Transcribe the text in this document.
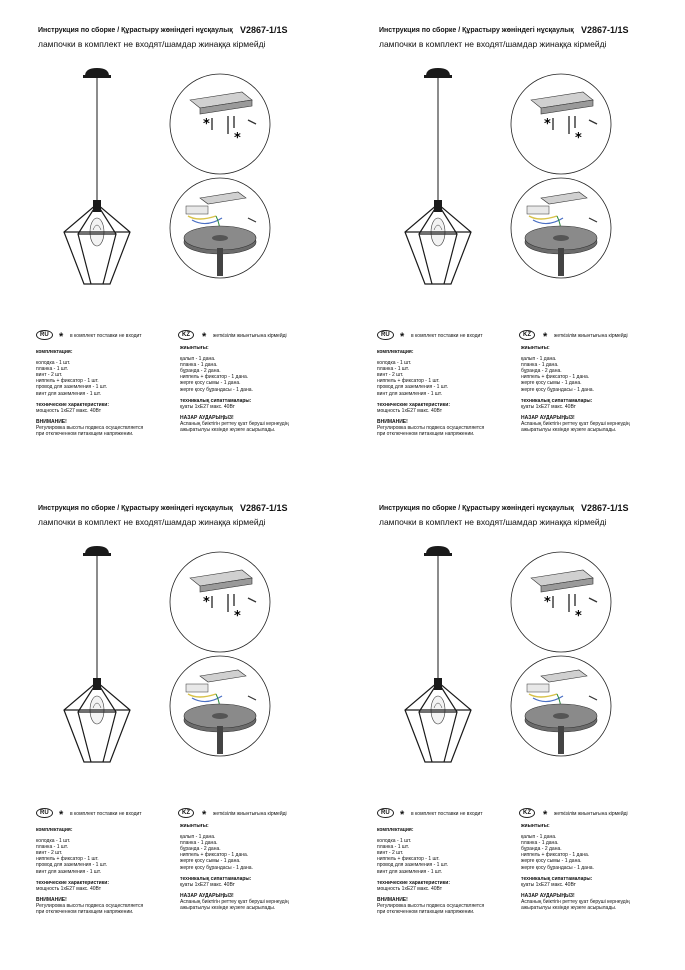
Инструкция по сборке / Құрастыру жөніндегі нұсқаулық V2867-1/1S
лампочки в комплект не входят/шамдар жинаққа кірмейді
*
*
RU * в комплект поставки не входит
комплектация:
колодка - 1 шт.
планка - 1 шт.
винт - 2 шт.
ниппель + фиксатор - 1 шт.
провод для заземления - 1 шт.
винт для заземления - 1 шт.
технические характеристики:
мощность 1хЕ27 макс. 40Вт
ВНИМАНИЕ!
Регулировка высоты подвеса осуществляется
при отключенном питающем напряжении.
KZ	* жеткізілім жиынтығына кірмейді
жиынтығы:
қалып - 1 дана.
планка - 1 дана.
бұранда - 2 дана.
ниппель + фиксатор - 1 дана.
жерге қосу сымы - 1 дана.
жерге қосу бұрандасы - 1 дана.
техникалық сипаттамалары:
қуаты 1хЕ27 макс. 40Вт
НАЗАР АУДАРЫҢЫЗ!
Аспаның биіктігін реттеу қуат беруші кернеудің
ажыратылуы кезінде жүзеге асырылады.
Инструкция по сборке / Құрастыру жөніндегі нұсқаулық V2867-1/1S
лампочки в комплект не входят/шамдар жинаққа кірмейді
*
*
RU * в комплект поставки не входит
комплектация:
колодка - 1 шт.
планка - 1 шт.
винт - 2 шт.
ниппель + фиксатор - 1 шт.
провод для заземления - 1 шт.
винт для заземления - 1 шт.
технические характеристики:
мощность 1хЕ27 макс. 40Вт
ВНИМАНИЕ!
Регулировка высоты подвеса осуществляется
при отключенном питающем напряжении.
KZ	* жеткізілім жиынтығына кірмейді
жиынтығы:
қалып - 1 дана.
планка - 1 дана.
бұранда - 2 дана.
ниппель + фиксатор - 1 дана.
жерге қосу сымы - 1 дана.
жерге қосу бұрандасы - 1 дана.
техникалық сипаттамалары:
қуаты 1хЕ27 макс. 40Вт
НАЗАР АУДАРЫҢЫЗ!
Аспаның биіктігін реттеу қуат беруші кернеудің
ажыратылуы кезінде жүзеге асырылады.
Инструкция по сборке / Құрастыру жөніндегі нұсқаулық V2867-1/1S
лампочки в комплект не входят/шамдар жинаққа кірмейді
*
*
RU * в комплект поставки не входит
комплектация:
колодка - 1 шт.
планка - 1 шт.
винт - 2 шт.
ниппель + фиксатор - 1 шт.
провод для заземления - 1 шт.
винт для заземления - 1 шт.
технические характеристики:
мощность 1хЕ27 макс. 40Вт
ВНИМАНИЕ!
Регулировка высоты подвеса осуществляется
при отключенном питающем напряжении.
KZ	* жеткізілім жиынтығына кірмейді
жиынтығы:
қалып - 1 дана.
планка - 1 дана.
бұранда - 2 дана.
ниппель + фиксатор - 1 дана.
жерге қосу сымы - 1 дана.
жерге қосу бұрандасы - 1 дана.
техникалық сипаттамалары:
қуаты 1хЕ27 макс. 40Вт
НАЗАР АУДАРЫҢЫЗ!
Аспаның биіктігін реттеу қуат беруші кернеудің
ажыратылуы кезінде жүзеге асырылады.
Инструкция по сборке / Құрастыру жөніндегі нұсқаулық V2867-1/1S
лампочки в комплект не входят/шамдар жинаққа кірмейді
*
*
RU * в комплект поставки не входит
комплектация:
колодка - 1 шт.
планка - 1 шт.
винт - 2 шт.
ниппель + фиксатор - 1 шт.
провод для заземления - 1 шт.
винт для заземления - 1 шт.
технические характеристики:
мощность 1хЕ27 макс. 40Вт
ВНИМАНИЕ!
Регулировка высоты подвеса осуществляется
при отключенном питающем напряжении.
KZ	* жеткізілім жиынтығына кірмейді
жиынтығы:
қалып - 1 дана.
планка - 1 дана.
бұранда - 2 дана.
ниппель + фиксатор - 1 дана.
жерге қосу сымы - 1 дана.
жерге қосу бұрандасы - 1 дана.
техникалық сипаттамалары:
қуаты 1хЕ27 макс. 40Вт
НАЗАР АУДАРЫҢЫЗ!
Аспаның биіктігін реттеу қуат беруші кернеудің
ажыратылуы кезінде жүзеге асырылады.
